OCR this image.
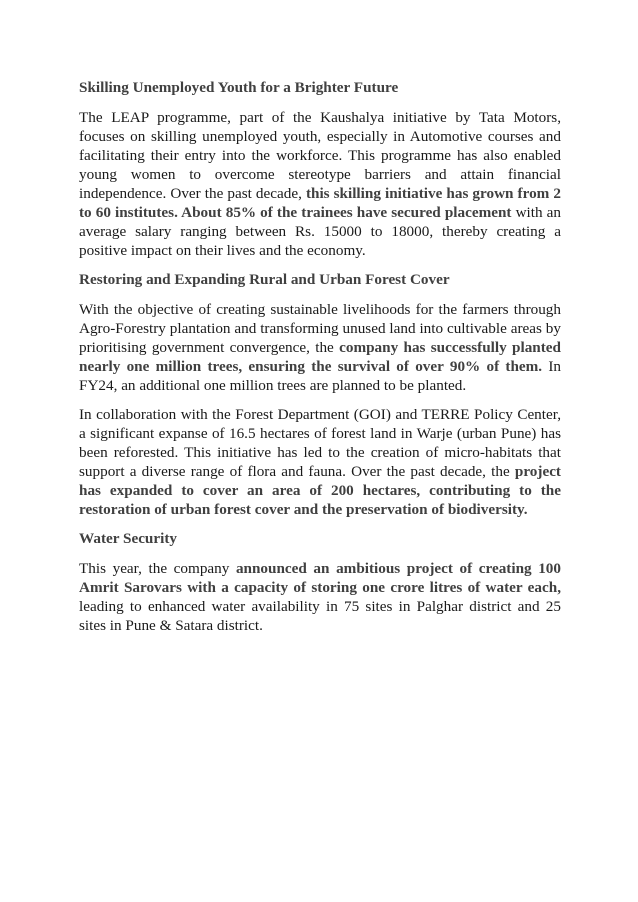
Skilling Unemployed Youth for a Brighter Future

The LEAP programme, part of the Kaushalya initiative by Tata Motors, focuses on skilling unemployed youth, especially in Automotive courses and facilitating their entry into the workforce. This programme has also enabled young women to overcome stereotype barriers and attain financial independence. Over the past decade, this skilling initiative has grown from 2 to 60 institutes. About 85% of the trainees have secured placement with an average salary ranging between Rs. 15000 to 18000, thereby creating a positive impact on their lives and the economy.

Restoring and Expanding Rural and Urban Forest Cover

With the objective of creating sustainable livelihoods for the farmers through Agro-Forestry plantation and transforming unused land into cultivable areas by prioritising government convergence, the company has successfully planted nearly one million trees, ensuring the survival of over 90% of them. In FY24, an additional one million trees are planned to be planted.

In collaboration with the Forest Department (GOI) and TERRE Policy Center, a significant expanse of 16.5 hectares of forest land in Warje (urban Pune) has been reforested. This initiative has led to the creation of micro-habitats that support a diverse range of flora and fauna. Over the past decade, the project has expanded to cover an area of 200 hectares, contributing to the restoration of urban forest cover and the preservation of biodiversity.

Water Security

This year, the company announced an ambitious project of creating 100 Amrit Sarovars with a capacity of storing one crore litres of water each, leading to enhanced water availability in 75 sites in Palghar district and 25 sites in Pune & Satara district.
